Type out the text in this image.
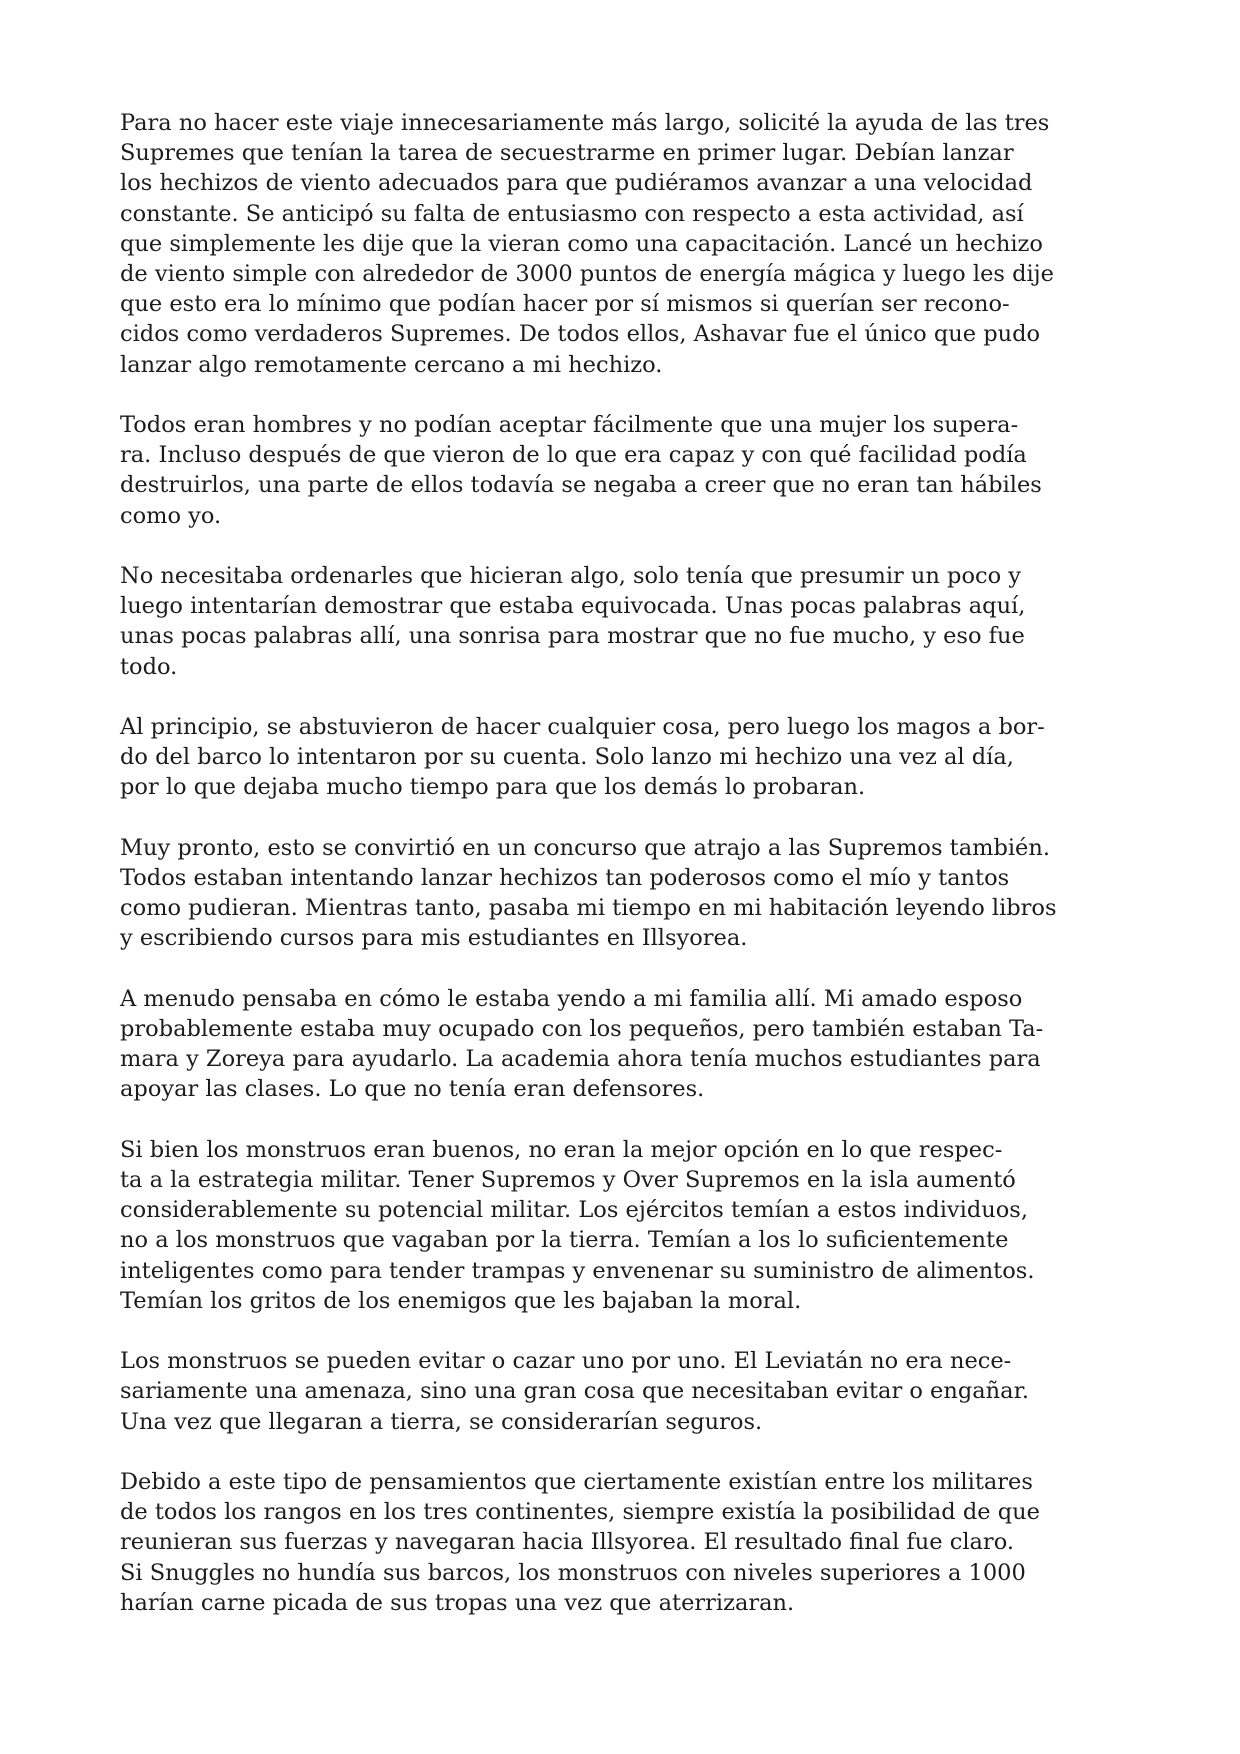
Para no hacer este viaje innecesariamente más largo, solicité la ayuda de las tres
Supremes que tenían la tarea de secuestrarme en primer lugar. Debían lanzar
los hechizos de viento adecuados para que pudiéramos avanzar a una velocidad
constante. Se anticipó su falta de entusiasmo con respecto a esta actividad, así
que simplemente les dije que la vieran como una capacitación. Lancé un hechizo
de viento simple con alrededor de 3000 puntos de energía mágica y luego les dije
que esto era lo mínimo que podían hacer por sí mismos si querían ser recono-
cidos como verdaderos Supremes. De todos ellos, Ashavar fue el único que pudo
lanzar algo remotamente cercano a mi hechizo.

Todos eran hombres y no podían aceptar fácilmente que una mujer los supera-
ra. Incluso después de que vieron de lo que era capaz y con qué facilidad podía
destruirlos, una parte de ellos todavía se negaba a creer que no eran tan hábiles
como yo.

No necesitaba ordenarles que hicieran algo, solo tenía que presumir un poco y
luego intentarían demostrar que estaba equivocada. Unas pocas palabras aquí,
unas pocas palabras allí, una sonrisa para mostrar que no fue mucho, y eso fue
todo.

Al principio, se abstuvieron de hacer cualquier cosa, pero luego los magos a bor-
do del barco lo intentaron por su cuenta. Solo lanzo mi hechizo una vez al día,
por lo que dejaba mucho tiempo para que los demás lo probaran.

Muy pronto, esto se convirtió en un concurso que atrajo a las Supremos también.
Todos estaban intentando lanzar hechizos tan poderosos como el mío y tantos
como pudieran. Mientras tanto, pasaba mi tiempo en mi habitación leyendo libros
y escribiendo cursos para mis estudiantes en Illsyorea.

A menudo pensaba en cómo le estaba yendo a mi familia allí. Mi amado esposo
probablemente estaba muy ocupado con los pequeños, pero también estaban Ta-
mara y Zoreya para ayudarlo. La academia ahora tenía muchos estudiantes para
apoyar las clases. Lo que no tenía eran defensores.

Si bien los monstruos eran buenos, no eran la mejor opción en lo que respec-
ta a la estrategia militar. Tener Supremos y Over Supremos en la isla aumentó
considerablemente su potencial militar. Los ejércitos temían a estos individuos,
no a los monstruos que vagaban por la tierra. Temían a los lo suficientemente
inteligentes como para tender trampas y envenenar su suministro de alimentos.
Temían los gritos de los enemigos que les bajaban la moral.

Los monstruos se pueden evitar o cazar uno por uno. El Leviatán no era nece-
sariamente una amenaza, sino una gran cosa que necesitaban evitar o engañar.
Una vez que llegaran a tierra, se considerarían seguros.

Debido a este tipo de pensamientos que ciertamente existían entre los militares
de todos los rangos en los tres continentes, siempre existía la posibilidad de que
reunieran sus fuerzas y navegaran hacia Illsyorea. El resultado final fue claro.
Si Snuggles no hundía sus barcos, los monstruos con niveles superiores a 1000
harían carne picada de sus tropas una vez que aterrizaran.
